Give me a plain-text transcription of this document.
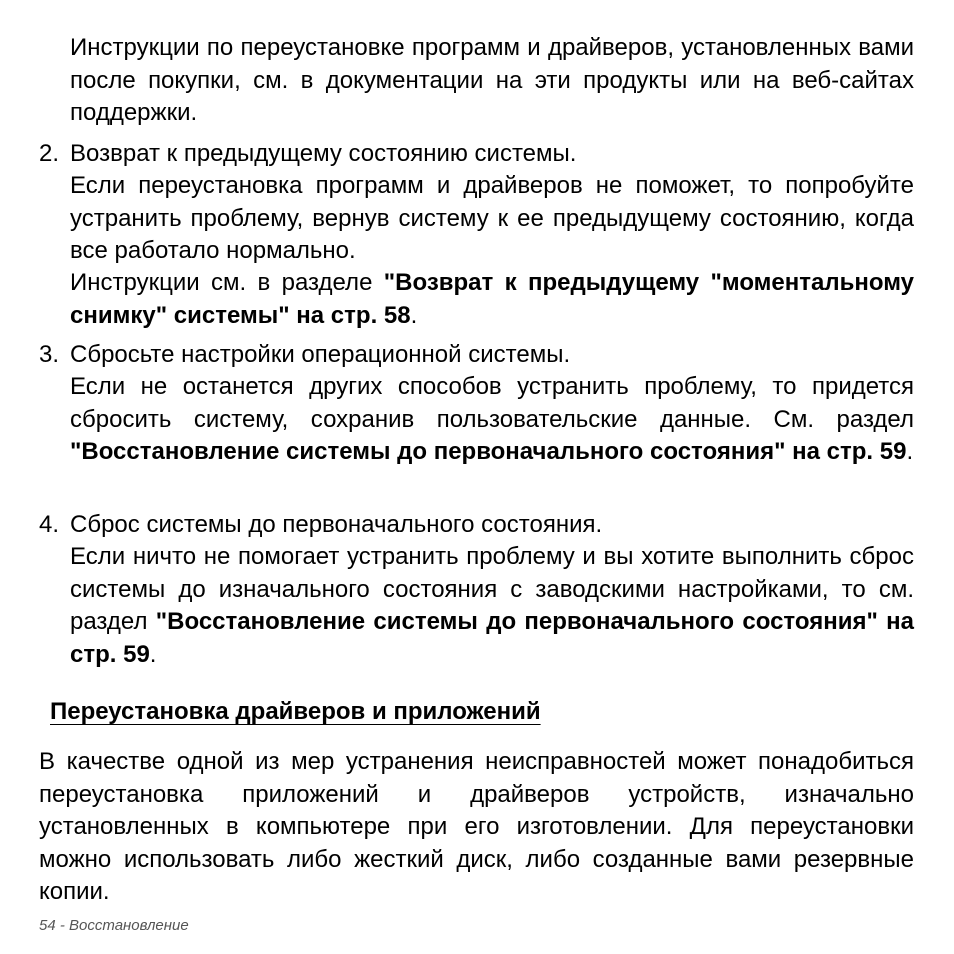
Инструкции по переустановке программ и драйверов, установленных вами после покупки, см. в документации на эти продукты или на веб-сайтах поддержки.

2. Возврат к предыдущему состоянию системы.

Если переустановка программ и драйверов не поможет, то попробуйте устранить проблему, вернув систему к ее предыдущему состоянию, когда все работало нормально.

Инструкции см. в разделе "Возврат к предыдущему "моментальному снимку" системы" на стр. 58.

3. Сбросьте настройки операционной системы.

Если не останется других способов устранить проблему, то придется сбросить систему, сохранив пользовательские данные. См. раздел "Восстановление системы до первоначального состояния" на стр. 59.

4. Сброс системы до первоначального состояния.

Если ничто не помогает устранить проблему и вы хотите выполнить сброс системы до изначального состояния с заводскими настройками, то см. раздел "Восстановление системы до первоначального состояния" на стр. 59.

Переустановка драйверов и приложений

В качестве одной из мер устранения неисправностей может понадобиться переустановка приложений и драйверов устройств, изначально установленных в компьютере при его изготовлении. Для переустановки можно использовать либо жесткий диск, либо созданные вами резервные копии.

54 - Восстановление
